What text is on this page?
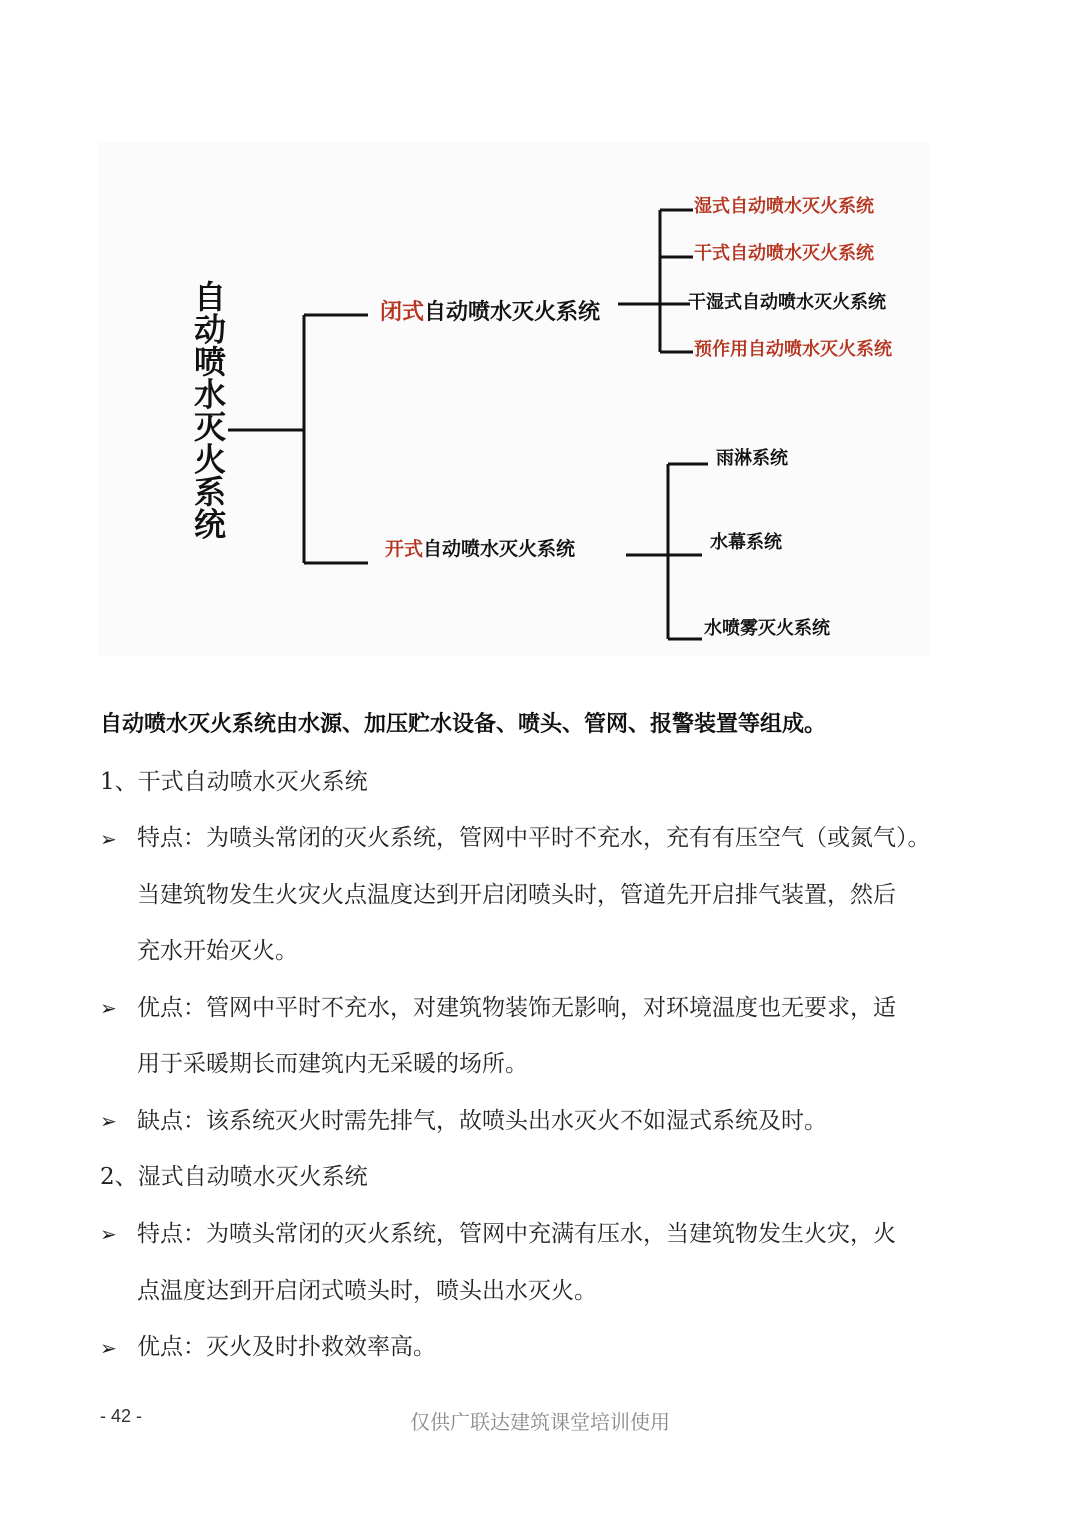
自动喷水灭火系统
闭式自动喷水灭火系统
开式自动喷水灭火系统
湿式自动喷水灭火系统
干式自动喷水灭火系统
干湿式自动喷水灭火系统
预作用自动喷水灭火系统
雨淋系统
水幕系统
水喷雾灭火系统
自动喷水灭火系统由水源、加压贮水设备、喷头、管网、报警装置等组成。
1、干式自动喷水灭火系统
➢ 特点：为喷头常闭的灭火系统，管网中平时不充水，充有有压空气（或氮气）。
当建筑物发生火灾火点温度达到开启闭喷头时，管道先开启排气装置，然后
充水开始灭火。
➢ 优点：管网中平时不充水，对建筑物装饰无影响，对环境温度也无要求，适
用于采暖期长而建筑内无采暖的场所。
➢ 缺点：该系统灭火时需先排气，故喷头出水灭火不如湿式系统及时。
2、湿式自动喷水灭火系统
➢ 特点：为喷头常闭的灭火系统，管网中充满有压水，当建筑物发生火灾，火
点温度达到开启闭式喷头时，喷头出水灭火。
➢ 优点：灭火及时扑救效率高。
- 42 -	仅供广联达建筑课堂培训使用
